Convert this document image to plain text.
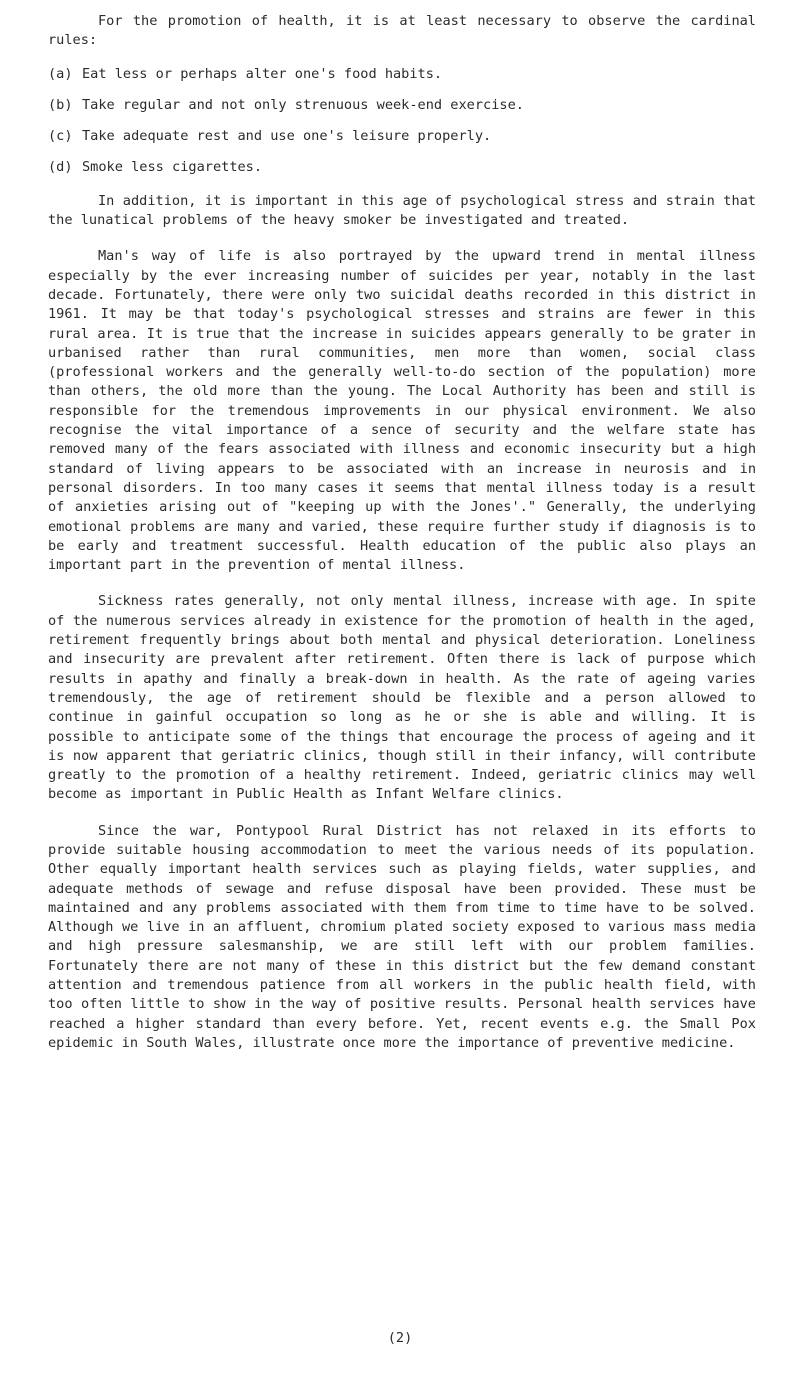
For the promotion of health, it is at least necessary to observe the cardinal rules:

(a) Eat less or perhaps alter one's food habits.
(b) Take regular and not only strenuous week-end exercise.
(c) Take adequate rest and use one's leisure properly.
(d) Smoke less cigarettes.

In addition, it is important in this age of psychological stress and strain that the lunatical problems of the heavy smoker be investigated and treated.

Man's way of life is also portrayed by the upward trend in mental illness especially by the ever increasing number of suicides per year, notably in the last decade. Fortunately, there were only two suicidal deaths recorded in this district in 1961. It may be that today's psychological stresses and strains are fewer in this rural area. It is true that the increase in suicides appears generally to be grater in urbanised rather than rural communities, men more than women, social class (professional workers and the generally well-to-do section of the population) more than others, the old more than the young. The Local Authority has been and still is responsible for the tremendous improvements in our physical environment. We also recognise the vital importance of a sence of security and the welfare state has removed many of the fears associated with illness and economic insecurity but a high standard of living appears to be associated with an increase in neurosis and in personal disorders. In too many cases it seems that mental illness today is a result of anxieties arising out of "keeping up with the Jones'." Generally, the underlying emotional problems are many and varied, these require further study if diagnosis is to be early and treatment successful. Health education of the public also plays an important part in the prevention of mental illness.

Sickness rates generally, not only mental illness, increase with age. In spite of the numerous services already in existence for the promotion of health in the aged, retirement frequently brings about both mental and physical deterioration. Loneliness and insecurity are prevalent after retirement. Often there is lack of purpose which results in apathy and finally a break-down in health. As the rate of ageing varies tremendously, the age of retirement should be flexible and a person allowed to continue in gainful occupation so long as he or she is able and willing. It is possible to anticipate some of the things that encourage the process of ageing and it is now apparent that geriatric clinics, though still in their infancy, will contribute greatly to the promotion of a healthy retirement. Indeed, geriatric clinics may well become as important in Public Health as Infant Welfare clinics.

Since the war, Pontypool Rural District has not relaxed in its efforts to provide suitable housing accommodation to meet the various needs of its population. Other equally important health services such as playing fields, water supplies, and adequate methods of sewage and refuse disposal have been provided. These must be maintained and any problems associated with them from time to time have to be solved. Although we live in an affluent, chromium plated society exposed to various mass media and high pressure salesmanship, we are still left with our problem families. Fortunately there are not many of these in this district but the few demand constant attention and tremendous patience from all workers in the public health field, with too often little to show in the way of positive results. Personal health services have reached a higher standard than every before. Yet, recent events e.g. the Small Pox epidemic in South Wales, illustrate once more the importance of preventive medicine.

(2)
